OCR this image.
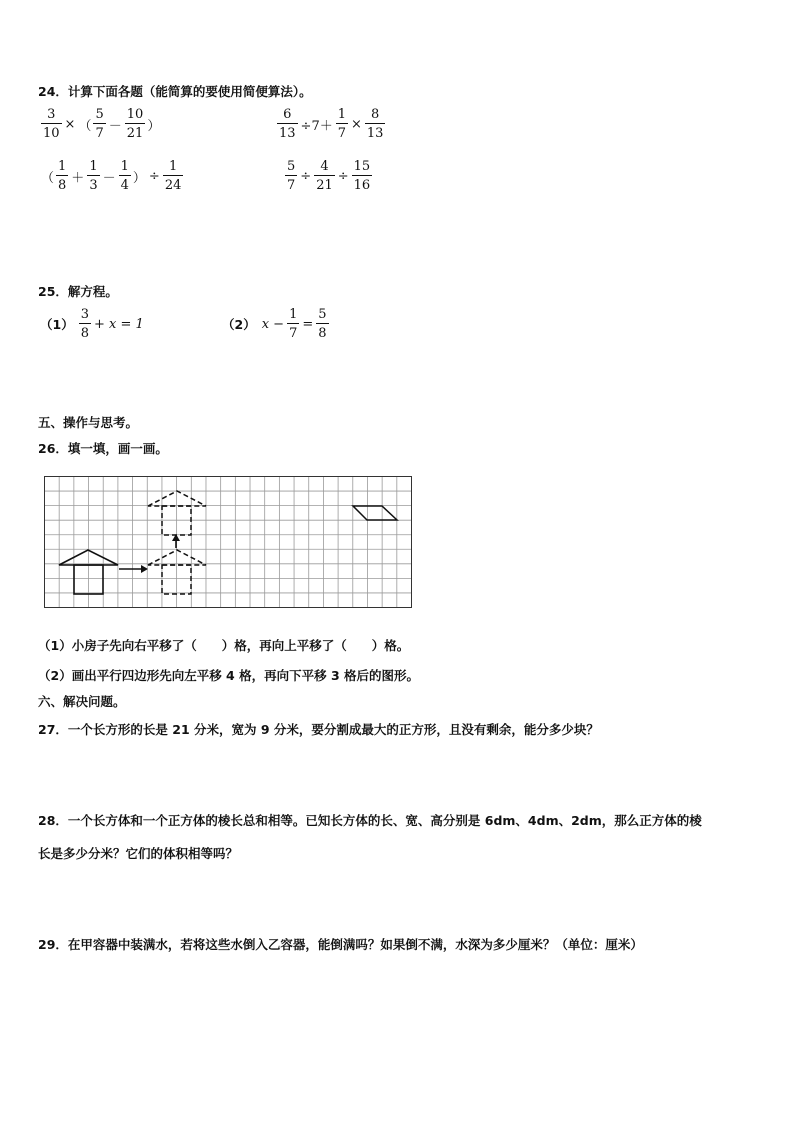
24．计算下面各题（能简算的要使用简便算法）。
$\frac{3}{10}$ × （ $\frac{5}{7} - \frac{10}{21}$ ）	$\frac{6}{13} \div 7+ \frac{1}{7} \times \frac{8}{13}$
（ $\frac{1}{8} + \frac{1}{3} - \frac{1}{4}$ ） ÷ $\frac{1}{24}$	$\frac{5}{7} \div \frac{4}{21} \div \frac{15}{16}$
25．解方程。
$(1) \frac{3}{8} + x = 1$	（2） $x - \frac{1}{7} = \frac{5}{8}$
五、操作与思考。
26．填一填，画一画。
（1）小房子先向右平移了（　　）格，再向上平移了（　　）格。
（2）画出平行四边形先向左平移 4 格，再向下平移 3 格后的图形。
六、解决问题。
27．一个长方形的长是 21 分米，宽为 9 分米，要分割成最大的正方形，且没有剩余，能分多少块？
28．一个长方体和一个正方体的棱长总和相等。已知长方体的长、宽、高分别是 6dm、4dm、2dm，那么正方体的棱
长是多少分米？它们的体积相等吗？
29．在甲容器中装满水，若将这些水倒入乙容器，能倒满吗？如果倒不满，水深为多少厘米？（单位：厘米）
